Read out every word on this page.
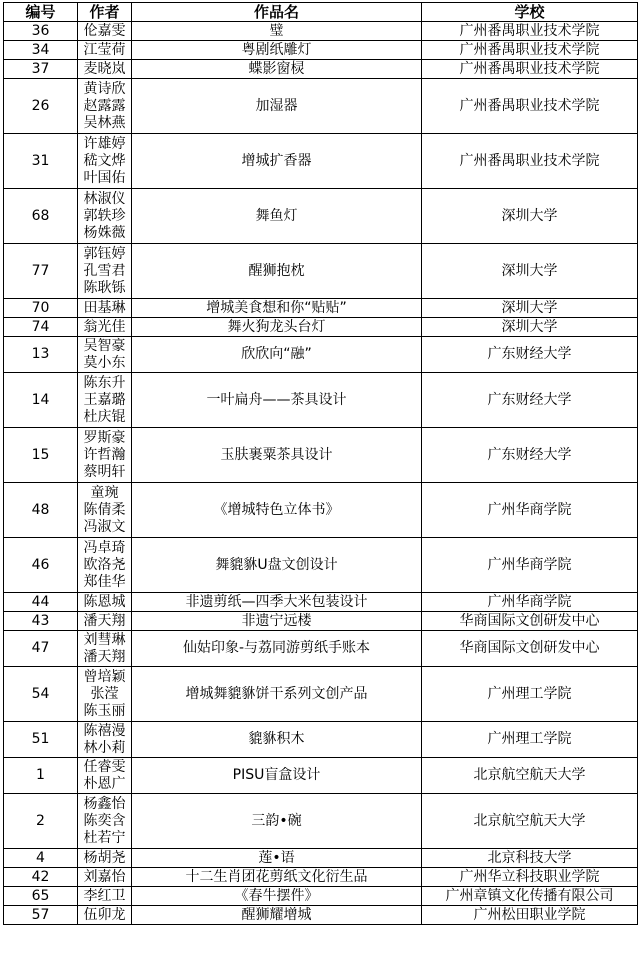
编号	作者	作品名	学校
36	伦嘉雯	璧	广州番禺职业技术学院
34	江莹荷	粤剧纸雕灯	广州番禺职业技术学院
37	麦晓岚	蝶影窗棂	广州番禺职业技术学院
26	黄诗欣
赵露露
吴林燕	加湿器	广州番禺职业技术学院
31	许雄婷
嵇文烨
叶国佑	增城扩香器	广州番禺职业技术学院
68	林淑仪
郭轶珍
杨姝薇	舞鱼灯	深圳大学
77	郭钰婷
孔雪君
陈耿铄	醒狮抱枕	深圳大学
70	田基琳	增城美食想和你“贴贴”	深圳大学
74	翁光佳	舞火狗龙头台灯	深圳大学
13	吴智豪
莫小东	欣欣向“融”	广东财经大学
14	陈东升
王嘉璐
杜庆锟	一叶扁舟——茶具设计	广东财经大学
15	罗斯豪
许哲瀚
蔡明轩	玉肤裹粟茶具设计	广东财经大学
48	童琬
陈倩柔
冯淑文	《增城特色立体书》	广州华商学院
46	冯卓琦
欧洛尧
郑佳华	舞貔貅U盘文创设计	广州华商学院
44	陈恩城	非遗剪纸—四季大米包装设计	广州华商学院
43	潘天翔	非遗宁远楼	华商国际文创研发中心
47	刘彗琳
潘天翔	仙姑印象-与荔同游剪纸手账本	华商国际文创研发中心
54	曾培颖
张滢
陈玉丽	增城舞貔貅饼干系列文创产品	广州理工学院
51	陈禧漫
林小莉	貔貅积木	广州理工学院
1	任睿雯
朴恩广	PISU盲盒设计	北京航空航天大学
2	杨鑫怡
陈奕含
杜若宁	三韵•碗	北京航空航天大学
4	杨胡尧	莲•语	北京科技大学
42	刘嘉怡	十二生肖团花剪纸文化衍生品	广州华立科技职业学院
65	李红卫	《春牛摆件》	广州章镇文化传播有限公司
57	伍卯龙	醒狮耀增城	广州松田职业学院
